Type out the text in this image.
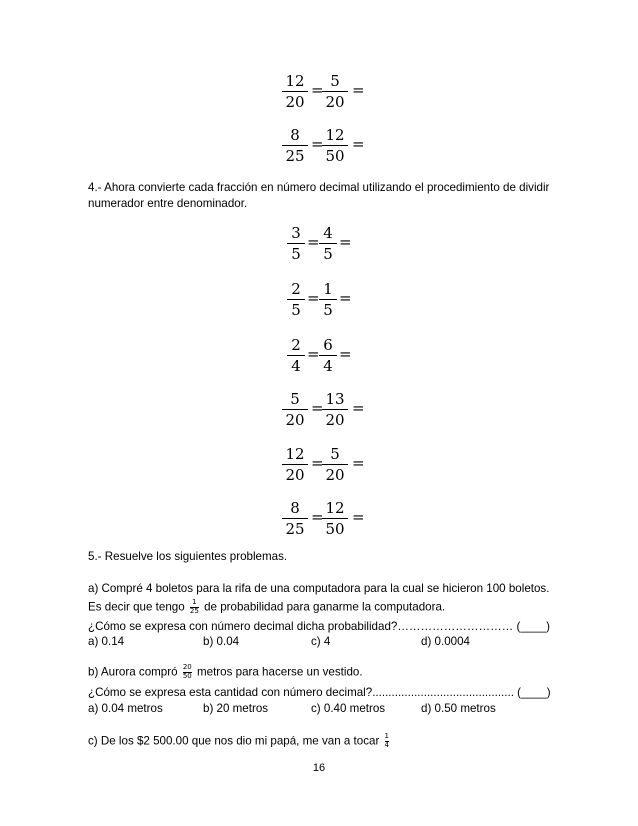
12
20
= 5
20
=
8
25
= 12
50
=
4.- Ahora convierte cada fracción en número decimal utilizando el procedimiento de dividir
numerador entre denominador.
3
5
= 4
5
=
2
5
= 1
5
=
2
4
= 6
4
=
5
20
= 13
20
=
12
20
= 5
20
=
8
25
= 12
50
=
5.- Resuelve los siguientes problemas.
a) Compré 4 boletos para la rifa de una computadora para la cual se hicieron 100 boletos.
Es decir que tengo $\frac{1}{25}$ de probabilidad para ganarme la computadora.
¿Cómo se expresa con número decimal dicha probabilidad?………………………… (____)
a) 0.14	b) 0.04	c) 4	d) 0.0004
b) Aurora compró $\frac{20}{50}$ metros para hacerse un vestido.
¿Cómo se expresa esta cantidad con número decimal?............................................ (____)
a) 0.04 metros	b) 20 metros	c) 0.40 metros	d) 0.50 metros
c) De los $2 500.00 que nos dio mi papá, me van a tocar $\frac{1}{4}$
16
